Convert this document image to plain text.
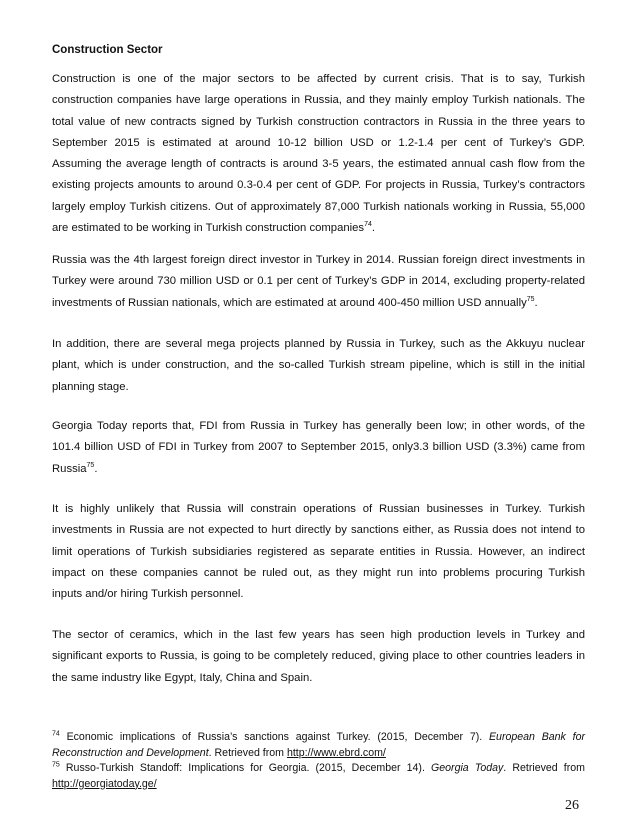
Construction Sector

Construction is one of the major sectors to be affected by current crisis. That is to say, Turkish
construction companies have large operations in Russia, and they mainly employ Turkish nationals. The
total value of new contracts signed by Turkish construction contractors in Russia in the three years to
September 2015 is estimated at around 10-12 billion USD or 1.2-1.4 per cent of Turkey’s GDP.
Assuming the average length of contracts is around 3-5 years, the estimated annual cash flow from the
existing projects amounts to around 0.3-0.4 per cent of GDP. For projects in Russia, Turkey’s contractors
largely employ Turkish citizens. Out of approximately 87,000 Turkish nationals working in Russia, 55,000
are estimated to be working in Turkish construction companies$^{74}$.

Russia was the 4th largest foreign direct investor in Turkey in 2014. Russian foreign direct investments in
Turkey were around 730 million USD or 0.1 per cent of Turkey’s GDP in 2014, excluding property-related
investments of Russian nationals, which are estimated at around 400-450 million USD annually$^{75}$.

In addition, there are several mega projects planned by Russia in Turkey, such as the Akkuyu nuclear
plant, which is under construction, and the so-called Turkish stream pipeline, which is still in the initial
planning stage.

Georgia Today reports that, FDI from Russia in Turkey has generally been low; in other words, of the
101.4 billion USD of FDI in Turkey from 2007 to September 2015, only3.3 billion USD (3.3%) came from
Russia$^{75}$.

It is highly unlikely that Russia will constrain operations of Russian businesses in Turkey. Turkish
investments in Russia are not expected to hurt directly by sanctions either, as Russia does not intend to
limit operations of Turkish subsidiaries registered as separate entities in Russia. However, an indirect
impact on these companies cannot be ruled out, as they might run into problems procuring Turkish
inputs and/or hiring Turkish personnel.

The sector of ceramics, which in the last few years has seen high production levels in Turkey and
significant exports to Russia, is going to be completely reduced, giving place to other countries leaders in
the same industry like Egypt, Italy, China and Spain.

$^{74}$ Economic implications of Russia’s sanctions against Turkey. (2015, December 7). European Bank for
Reconstruction and Development. Retrieved from http://www.ebrd.com/

$^{75}$ Russo-Turkish Standoff: Implications for Georgia. (2015, December 14). Georgia Today. Retrieved from
http://georgiatoday.ge/

26
